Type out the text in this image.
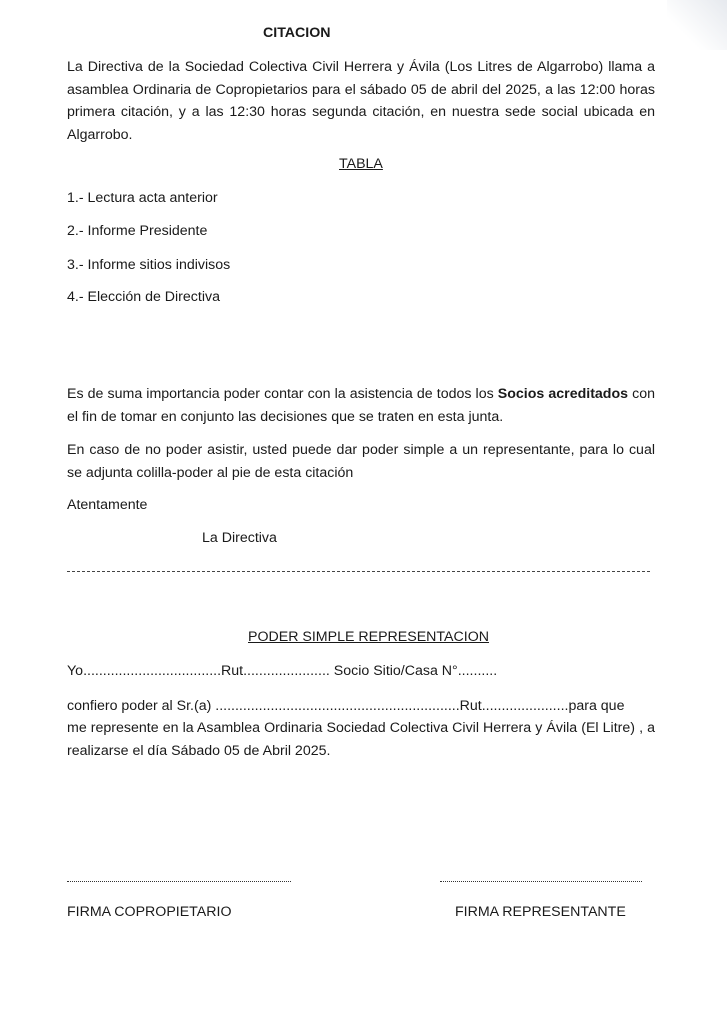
CITACION

La Directiva de la Sociedad Colectiva Civil Herrera y Ávila (Los Litres de Algarrobo) llama a asamblea Ordinaria de Copropietarios para el sábado 05 de abril del 2025, a las 12:00 horas primera citación, y a las 12:30 horas segunda citación, en nuestra sede social ubicada en Algarrobo.

TABLA

1.- Lectura acta anterior

2.- Informe Presidente

3.- Informe sitios indivisos

4.- Elección de Directiva

Es de suma importancia poder contar con la asistencia de todos los Socios acreditados con el fin de tomar en conjunto las decisiones que se traten en esta junta.

En caso de no poder asistir, usted puede dar poder simple a un representante, para lo cual se adjunta colilla-poder al pie de esta citación

Atentamente

La Directiva

PODER SIMPLE REPRESENTACION

Yo...................................Rut...................... Socio Sitio/Casa N°..........

confiero poder al Sr.(a) ..............................................................Rut......................para que

me represente en la Asamblea Ordinaria Sociedad Colectiva Civil Herrera y Ávila (El Litre) , a realizarse el día Sábado 05 de Abril 2025.

FIRMA COPROPIETARIO	FIRMA REPRESENTANTE
